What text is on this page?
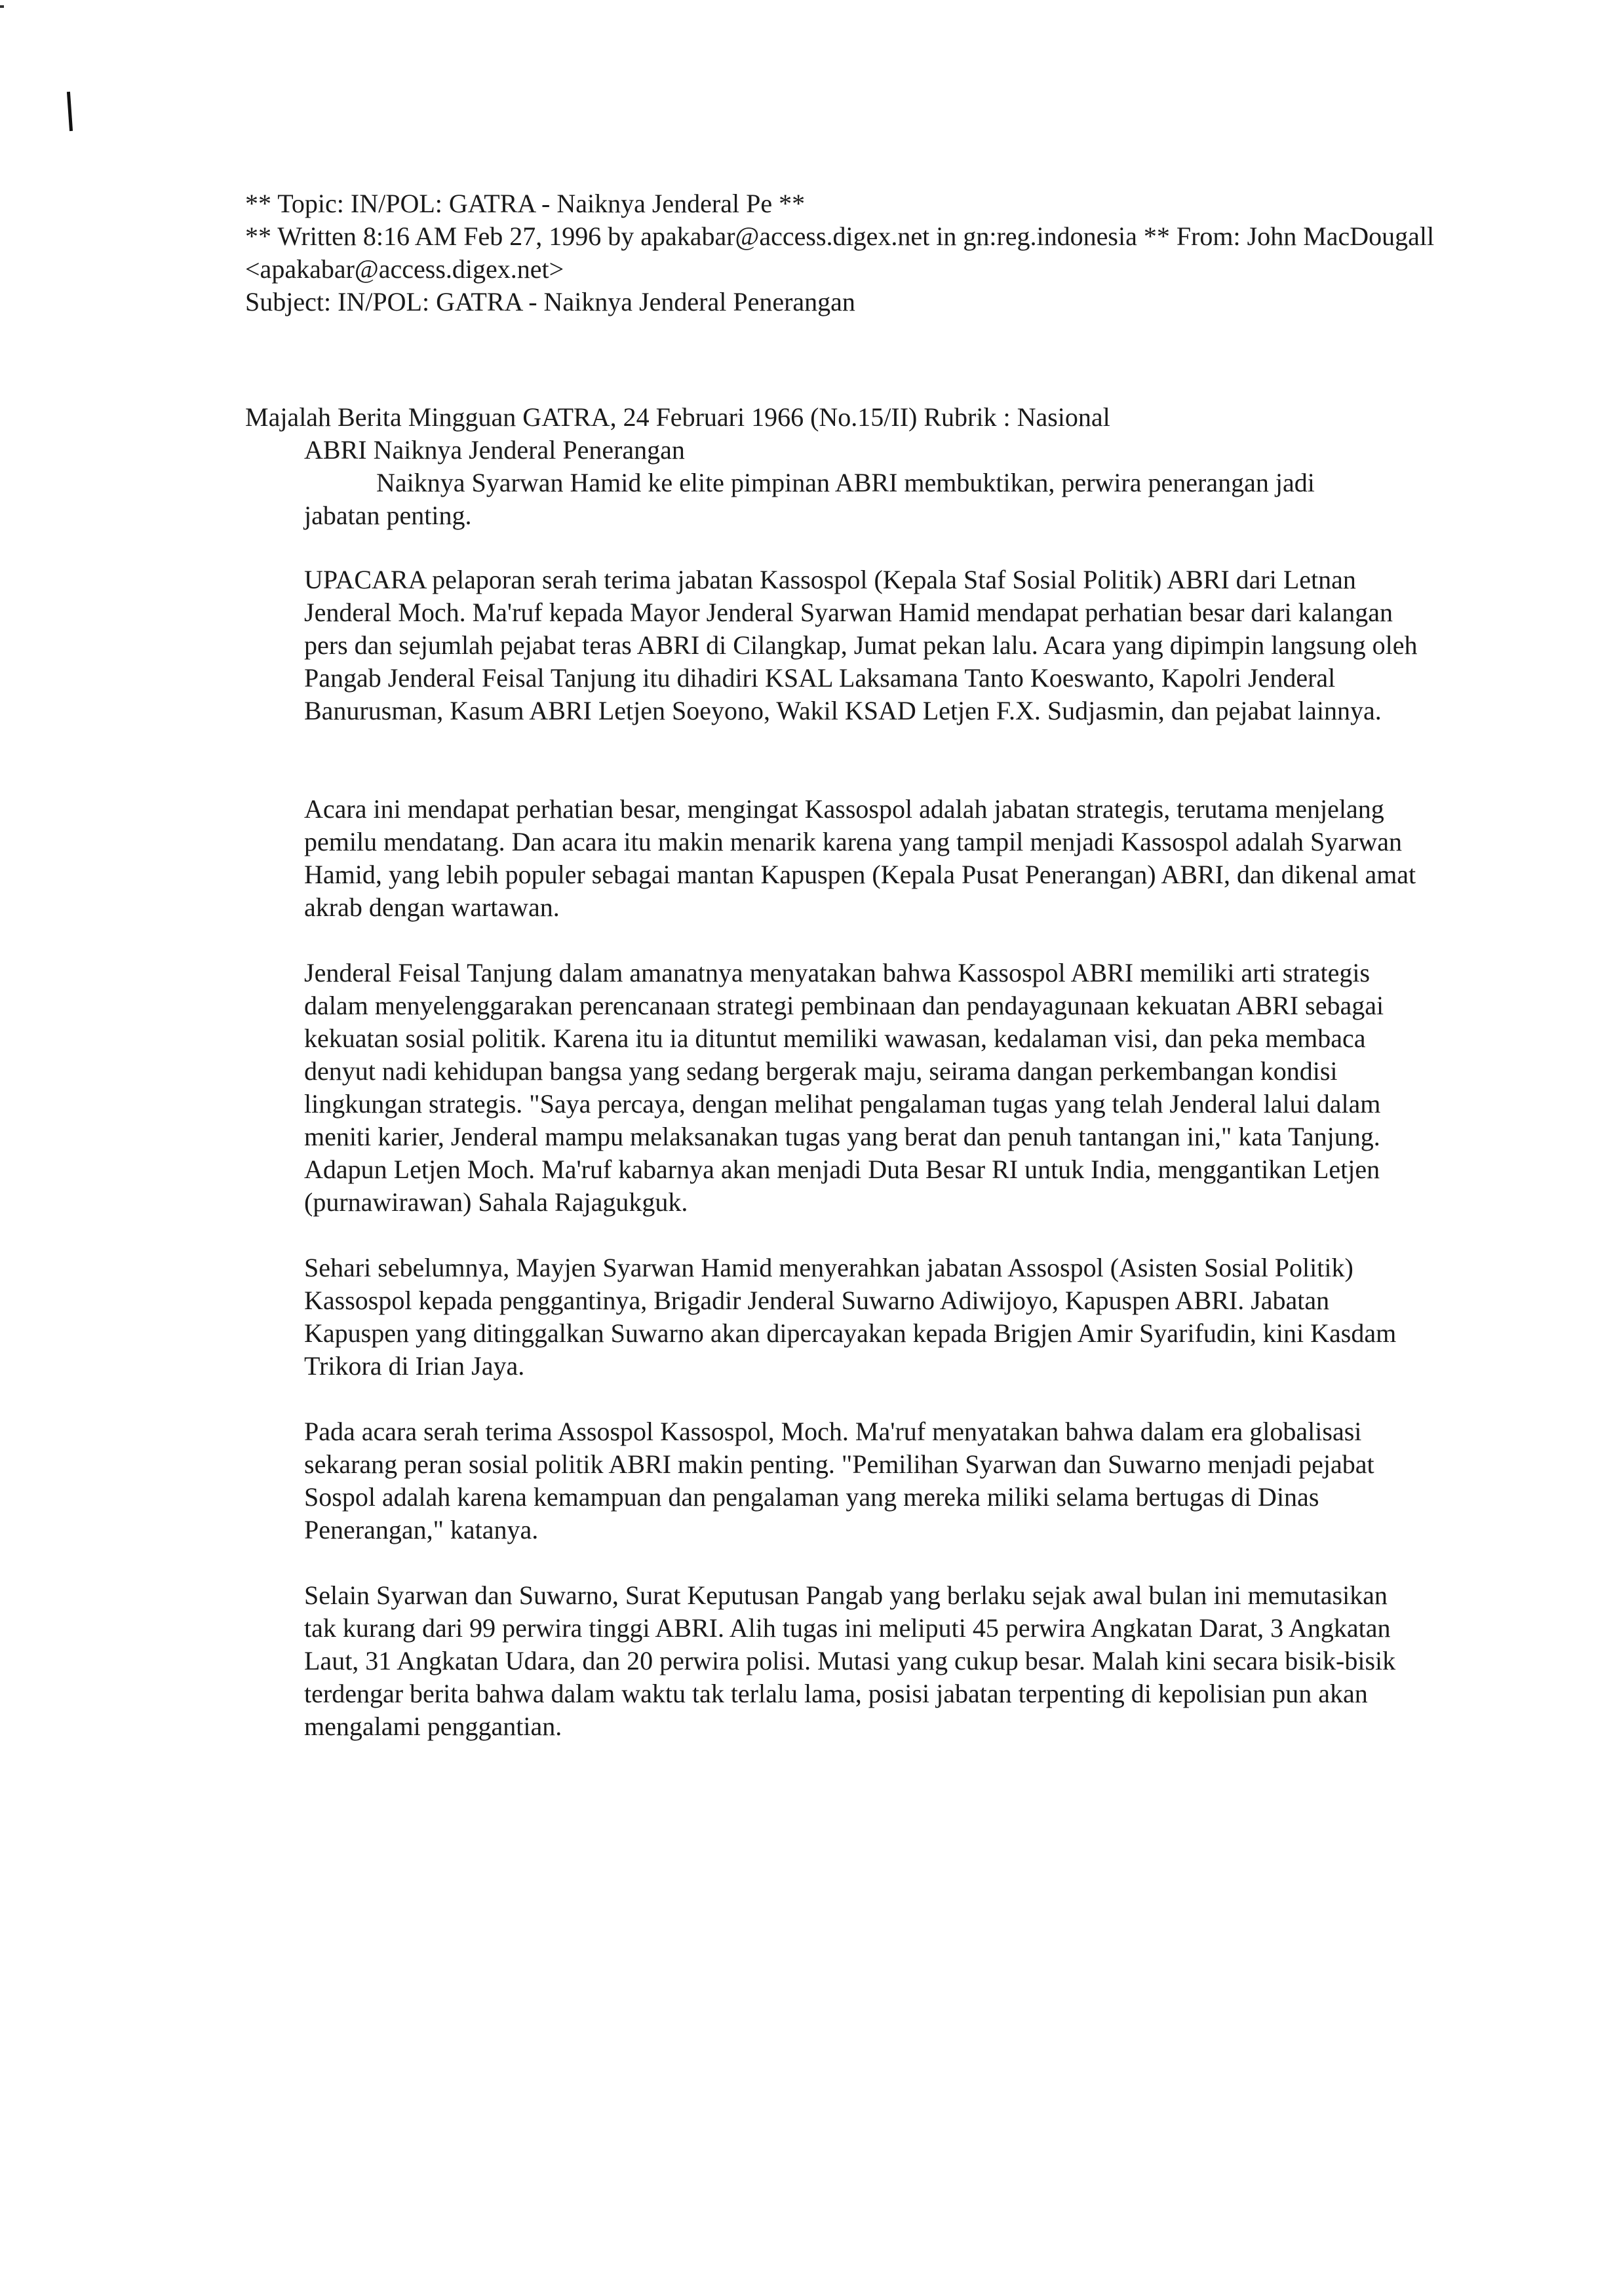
** Topic: IN/POL: GATRA - Naiknya Jenderal Pe **

** Written 8:16 AM Feb 27, 1996 by apakabar@access.digex.net in gn:reg.indonesia ** From: John MacDougall <apakabar@access.digex.net>

Subject: IN/POL: GATRA - Naiknya Jenderal Penerangan

Majalah Berita Mingguan GATRA, 24 Februari 1966 (No.15/II) Rubrik : Nasional

ABRI Naiknya Jenderal Penerangan

Naiknya Syarwan Hamid ke elite pimpinan ABRI membuktikan, perwira penerangan jadi jabatan penting.

UPACARA pelaporan serah terima jabatan Kassospol (Kepala Staf Sosial Politik) ABRI dari Letnan Jenderal Moch. Ma'ruf kepada Mayor Jenderal Syarwan Hamid mendapat perhatian besar dari kalangan pers dan sejumlah pejabat teras ABRI di Cilangkap, Jumat pekan lalu. Acara yang dipimpin langsung oleh Pangab Jenderal Feisal Tanjung itu dihadiri KSAL Laksamana Tanto Koeswanto, Kapolri Jenderal Banurusman, Kasum ABRI Letjen Soeyono, Wakil KSAD Letjen F.X. Sudjasmin, dan pejabat lainnya.

Acara ini mendapat perhatian besar, mengingat Kassospol adalah jabatan strategis, terutama menjelang pemilu mendatang. Dan acara itu makin menarik karena yang tampil menjadi Kassospol adalah Syarwan Hamid, yang lebih populer sebagai mantan Kapuspen (Kepala Pusat Penerangan) ABRI, dan dikenal amat akrab dengan wartawan.

Jenderal Feisal Tanjung dalam amanatnya menyatakan bahwa Kassospol ABRI memiliki arti strategis dalam menyelenggarakan perencanaan strategi pembinaan dan pendayagunaan kekuatan ABRI sebagai kekuatan sosial politik. Karena itu ia dituntut memiliki wawasan, kedalaman visi, dan peka membaca denyut nadi kehidupan bangsa yang sedang bergerak maju, seirama dangan perkembangan kondisi lingkungan strategis. "Saya percaya, dengan melihat pengalaman tugas yang telah Jenderal lalui dalam meniti karier, Jenderal mampu melaksanakan tugas yang berat dan penuh tantangan ini," kata Tanjung. Adapun Letjen Moch. Ma'ruf kabarnya akan menjadi Duta Besar RI untuk India, menggantikan Letjen (purnawirawan) Sahala Rajagukguk.

Sehari sebelumnya, Mayjen Syarwan Hamid menyerahkan jabatan Assospol (Asisten Sosial Politik) Kassospol kepada penggantinya, Brigadir Jenderal Suwarno Adiwijoyo, Kapuspen ABRI. Jabatan Kapuspen yang ditinggalkan Suwarno akan dipercayakan kepada Brigjen Amir Syarifudin, kini Kasdam Trikora di Irian Jaya.

Pada acara serah terima Assospol Kassospol, Moch. Ma'ruf menyatakan bahwa dalam era globalisasi sekarang peran sosial politik ABRI makin penting. "Pemilihan Syarwan dan Suwarno menjadi pejabat Sospol adalah karena kemampuan dan pengalaman yang mereka miliki selama bertugas di Dinas Penerangan," katanya.

Selain Syarwan dan Suwarno, Surat Keputusan Pangab yang berlaku sejak awal bulan ini memutasikan tak kurang dari 99 perwira tinggi ABRI. Alih tugas ini meliputi 45 perwira Angkatan Darat, 3 Angkatan Laut, 31 Angkatan Udara, dan 20 perwira polisi. Mutasi yang cukup besar. Malah kini secara bisik-bisik terdengar berita bahwa dalam waktu tak terlalu lama, posisi jabatan terpenting di kepolisian pun akan mengalami penggantian.
